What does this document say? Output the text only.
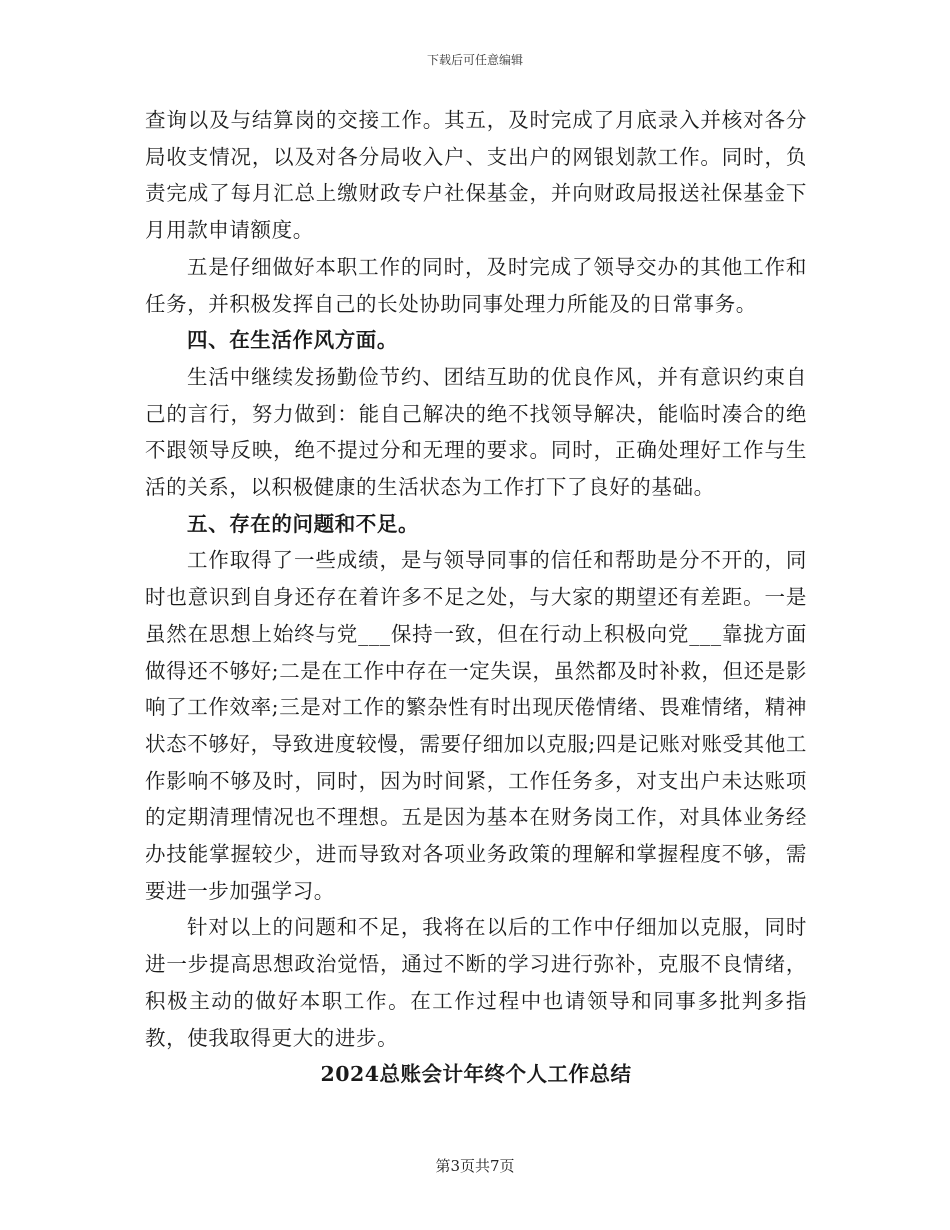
下载后可任意编辑

查询以及与结算岗的交接工作。其五，及时完成了月底录入并核对各分局收支情况，以及对各分局收入户、支出户的网银划款工作。同时，负责完成了每月汇总上缴财政专户社保基金，并向财政局报送社保基金下月用款申请额度。

五是仔细做好本职工作的同时，及时完成了领导交办的其他工作和任务，并积极发挥自己的长处协助同事处理力所能及的日常事务。

四、在生活作风方面。

生活中继续发扬勤俭节约、团结互助的优良作风，并有意识约束自己的言行，努力做到：能自己解决的绝不找领导解决，能临时凑合的绝不跟领导反映，绝不提过分和无理的要求。同时，正确处理好工作与生活的关系，以积极健康的生活状态为工作打下了良好的基础。

五、存在的问题和不足。

工作取得了一些成绩，是与领导同事的信任和帮助是分不开的，同时也意识到自身还存在着许多不足之处，与大家的期望还有差距。一是虽然在思想上始终与党___保持一致，但在行动上积极向党___靠拢方面做得还不够好;二是在工作中存在一定失误，虽然都及时补救，但还是影响了工作效率;三是对工作的繁杂性有时出现厌倦情绪、畏难情绪，精神状态不够好，导致进度较慢，需要仔细加以克服;四是记账对账受其他工作影响不够及时，同时，因为时间紧，工作任务多，对支出户未达账项的定期清理情况也不理想。五是因为基本在财务岗工作，对具体业务经办技能掌握较少，进而导致对各项业务政策的理解和掌握程度不够，需要进一步加强学习。

针对以上的问题和不足，我将在以后的工作中仔细加以克服，同时进一步提高思想政治觉悟，通过不断的学习进行弥补，克服不良情绪，积极主动的做好本职工作。在工作过程中也请领导和同事多批判多指教，使我取得更大的进步。

2024总账会计年终个人工作总结

第3页共7页
